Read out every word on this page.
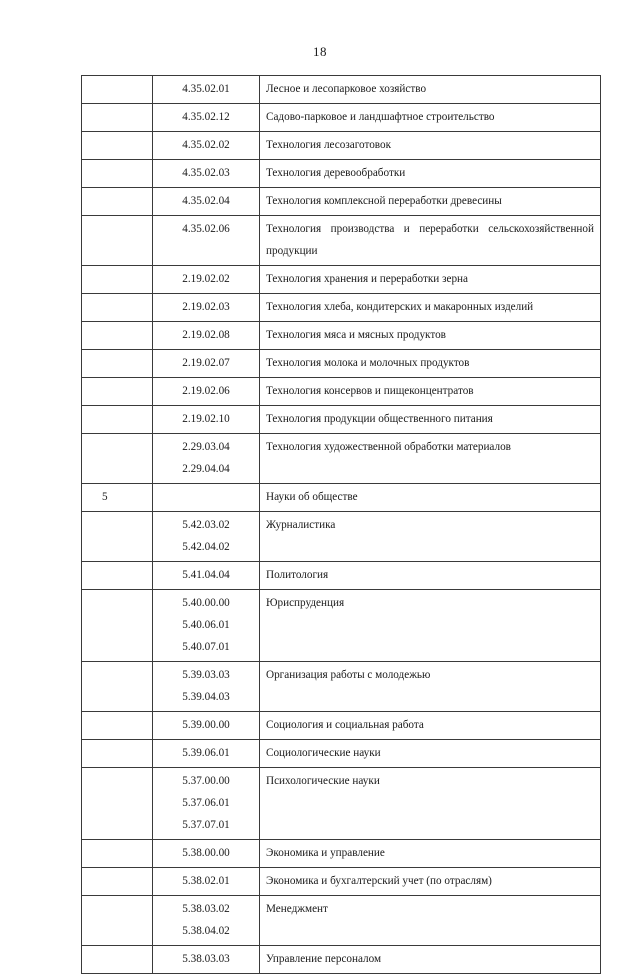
18

	4.35.02.01	Лесное и лесопарковое хозяйство

	4.35.02.12	Садово-парковое и ландшафтное строительство

	4.35.02.02	Технология лесозаготовок

	4.35.02.03	Технология деревообработки

	4.35.02.04	Технология комплексной переработки древесины

	4.35.02.06	Технология производства и переработки сельскохозяйственной продукции

	2.19.02.02	Технология хранения и переработки зерна

	2.19.02.03	Технология хлеба, кондитерских и макаронных изделий

	2.19.02.08	Технология мяса и мясных продуктов

	2.19.02.07	Технология молока и молочных продуктов

	2.19.02.06	Технология консервов и пищеконцентратов

	2.19.02.10	Технология продукции общественного питания

	2.29.03.04
2.29.04.04	Технология художественной обработки материалов
5		Науки об обществе

	5.42.03.02
5.42.04.02	Журналистика

	5.41.04.04	Политология

	5.40.00.00
5.40.06.01
5.40.07.01	Юриспруденция

	5.39.03.03
5.39.04.03	Организация работы с молодежью

	5.39.00.00	Социология и социальная работа

	5.39.06.01	Социологические науки

	5.37.00.00
5.37.06.01
5.37.07.01	Психологические науки

	5.38.00.00	Экономика и управление

	5.38.02.01	Экономика и бухгалтерский учет (по отраслям)

	5.38.03.02
5.38.04.02	Менеджмент

	5.38.03.03	Управление персоналом
